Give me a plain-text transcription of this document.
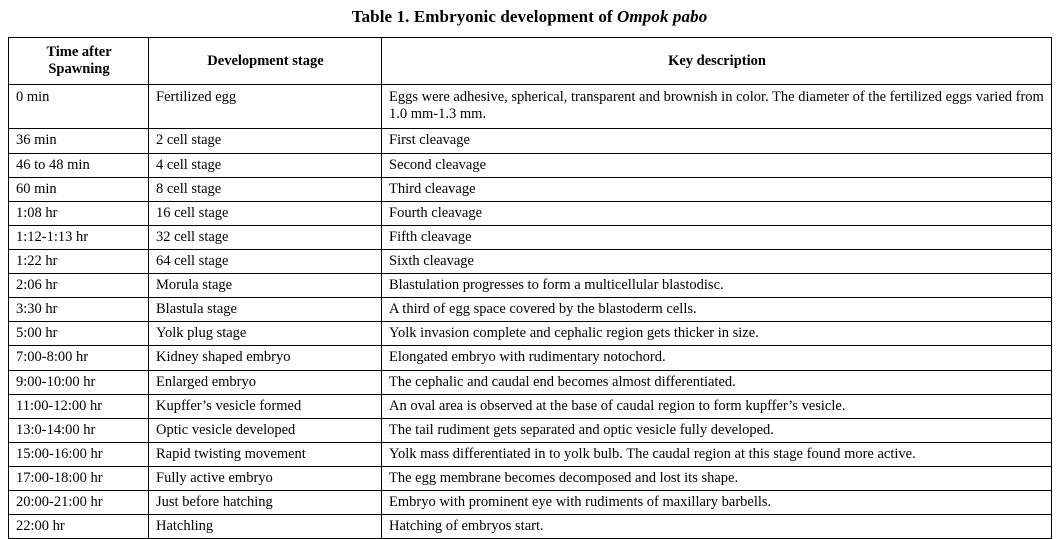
Table 1. Embryonic development of Ompok pabo
Time after Spawning	Development stage	Key description
0 min	Fertilized egg	Eggs were adhesive, spherical, transparent and brownish in color. The diameter of the fertilized eggs varied from 1.0 mm-1.3 mm.
36 min	2 cell stage	First cleavage
46 to 48 min	4 cell stage	Second cleavage
60 min	8 cell stage	Third cleavage
1:08 hr	16 cell stage	Fourth cleavage
1:12-1:13 hr	32 cell stage	Fifth cleavage
1:22 hr	64 cell stage	Sixth cleavage
2:06 hr	Morula stage	Blastulation progresses to form a multicellular blastodisc.
3:30 hr	Blastula stage	A third of egg space covered by the blastoderm cells.
5:00 hr	Yolk plug stage	Yolk invasion complete and cephalic region gets thicker in size.
7:00-8:00 hr	Kidney shaped embryo	Elongated embryo with rudimentary notochord.
9:00-10:00 hr	Enlarged embryo	The cephalic and caudal end becomes almost differentiated.
11:00-12:00 hr	Kupffer’s vesicle formed	An oval area is observed at the base of caudal region to form kupffer’s vesicle.
13:0-14:00 hr	Optic vesicle developed	The tail rudiment gets separated and optic vesicle fully developed.
15:00-16:00 hr	Rapid twisting movement	Yolk mass differentiated in to yolk bulb. The caudal region at this stage found more active.
17:00-18:00 hr	Fully active embryo	The egg membrane becomes decomposed and lost its shape.
20:00-21:00 hr	Just before hatching	Embryo with prominent eye with rudiments of maxillary barbells.
22:00 hr	Hatchling	Hatching of embryos start.
